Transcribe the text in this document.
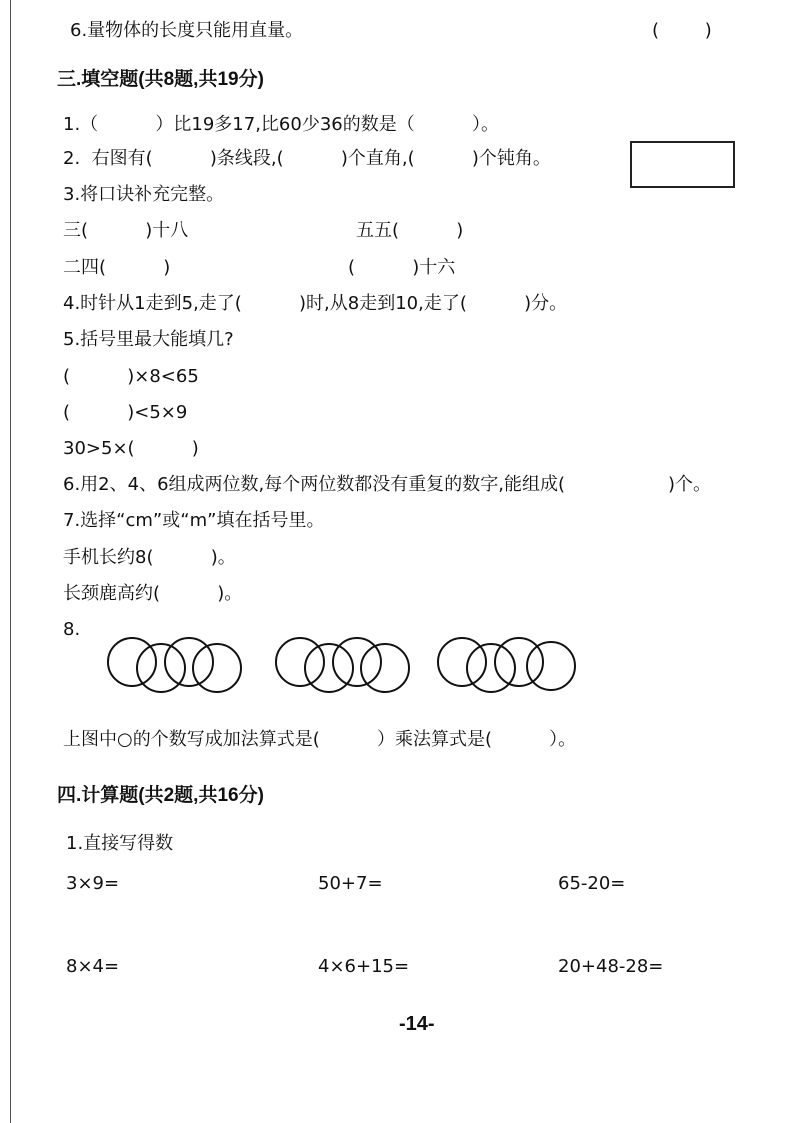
6.量物体的长度只能用直量。	(        )
三.填空题(共8题,共19分)
1.（          ）比19多17,比60少36的数是（          ）。
2.  右图有(          )条线段,(          )个直角,(          )个钝角。
3.将口诀补充完整。
三(          )十八	五五(          )
二四(          )	(          )十六
4.时针从1走到5,走了(          )时,从8走到10,走了(          )分。
5.括号里最大能填几?
(          )×8<65
(          )<5×9
30>5×(          )
6.用2、4、6组成两位数,每个两位数都没有重复的数字,能组成(                  )个。
7.选择“cm”或“m”填在括号里。
手机长约8(          )。
长颈鹿高约(          )。
8.
上图中○的个数写成加法算式是(          ）乘法算式是(          ）。
四.计算题(共2题,共16分)
1.直接写得数
3×9=	50+7=	65-20=
8×4=	4×6+15=	20+48-28=
-14-
